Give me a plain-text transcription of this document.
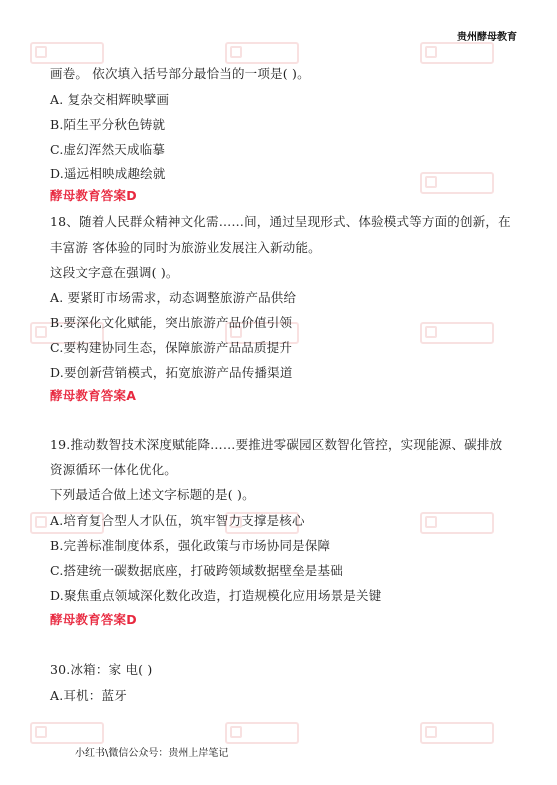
贵州酵母教育
画卷。 依次填入括号部分最恰当的一项是( )。
A. 复杂交相辉映擘画
B.陌生平分秋色铸就
C.虚幻浑然天成临摹
D.遥远相映成趣绘就
酵母教育答案D
18、随着人民群众精神文化需……间，通过呈现形式、体验模式等方面的创新，在
丰富游 客体验的同时为旅游业发展注入新动能。
这段文字意在强调( )。
A. 要紧盯市场需求，动态调整旅游产品供给
B.要深化文化赋能，突出旅游产品价值引领
C.要构建协同生态，保障旅游产品品质提升
D.要创新营销模式，拓宽旅游产品传播渠道
酵母教育答案A
19.推动数智技术深度赋能降……要推进零碳园区数智化管控，实现能源、碳排放
资源循环一体化优化。
下列最适合做上述文字标题的是( )。
A.培育复合型人才队伍，筑牢智力支撑是核心
B.完善标准制度体系，强化政策与市场协同是保障
C.搭建统一碳数据底座，打破跨领域数据壁垒是基础
D.聚焦重点领域深化数化改造，打造规模化应用场景是关键
酵母教育答案D
30.冰箱：家 电( )
A.耳机：蓝牙
小红书\微信公众号：贵州上岸笔记
